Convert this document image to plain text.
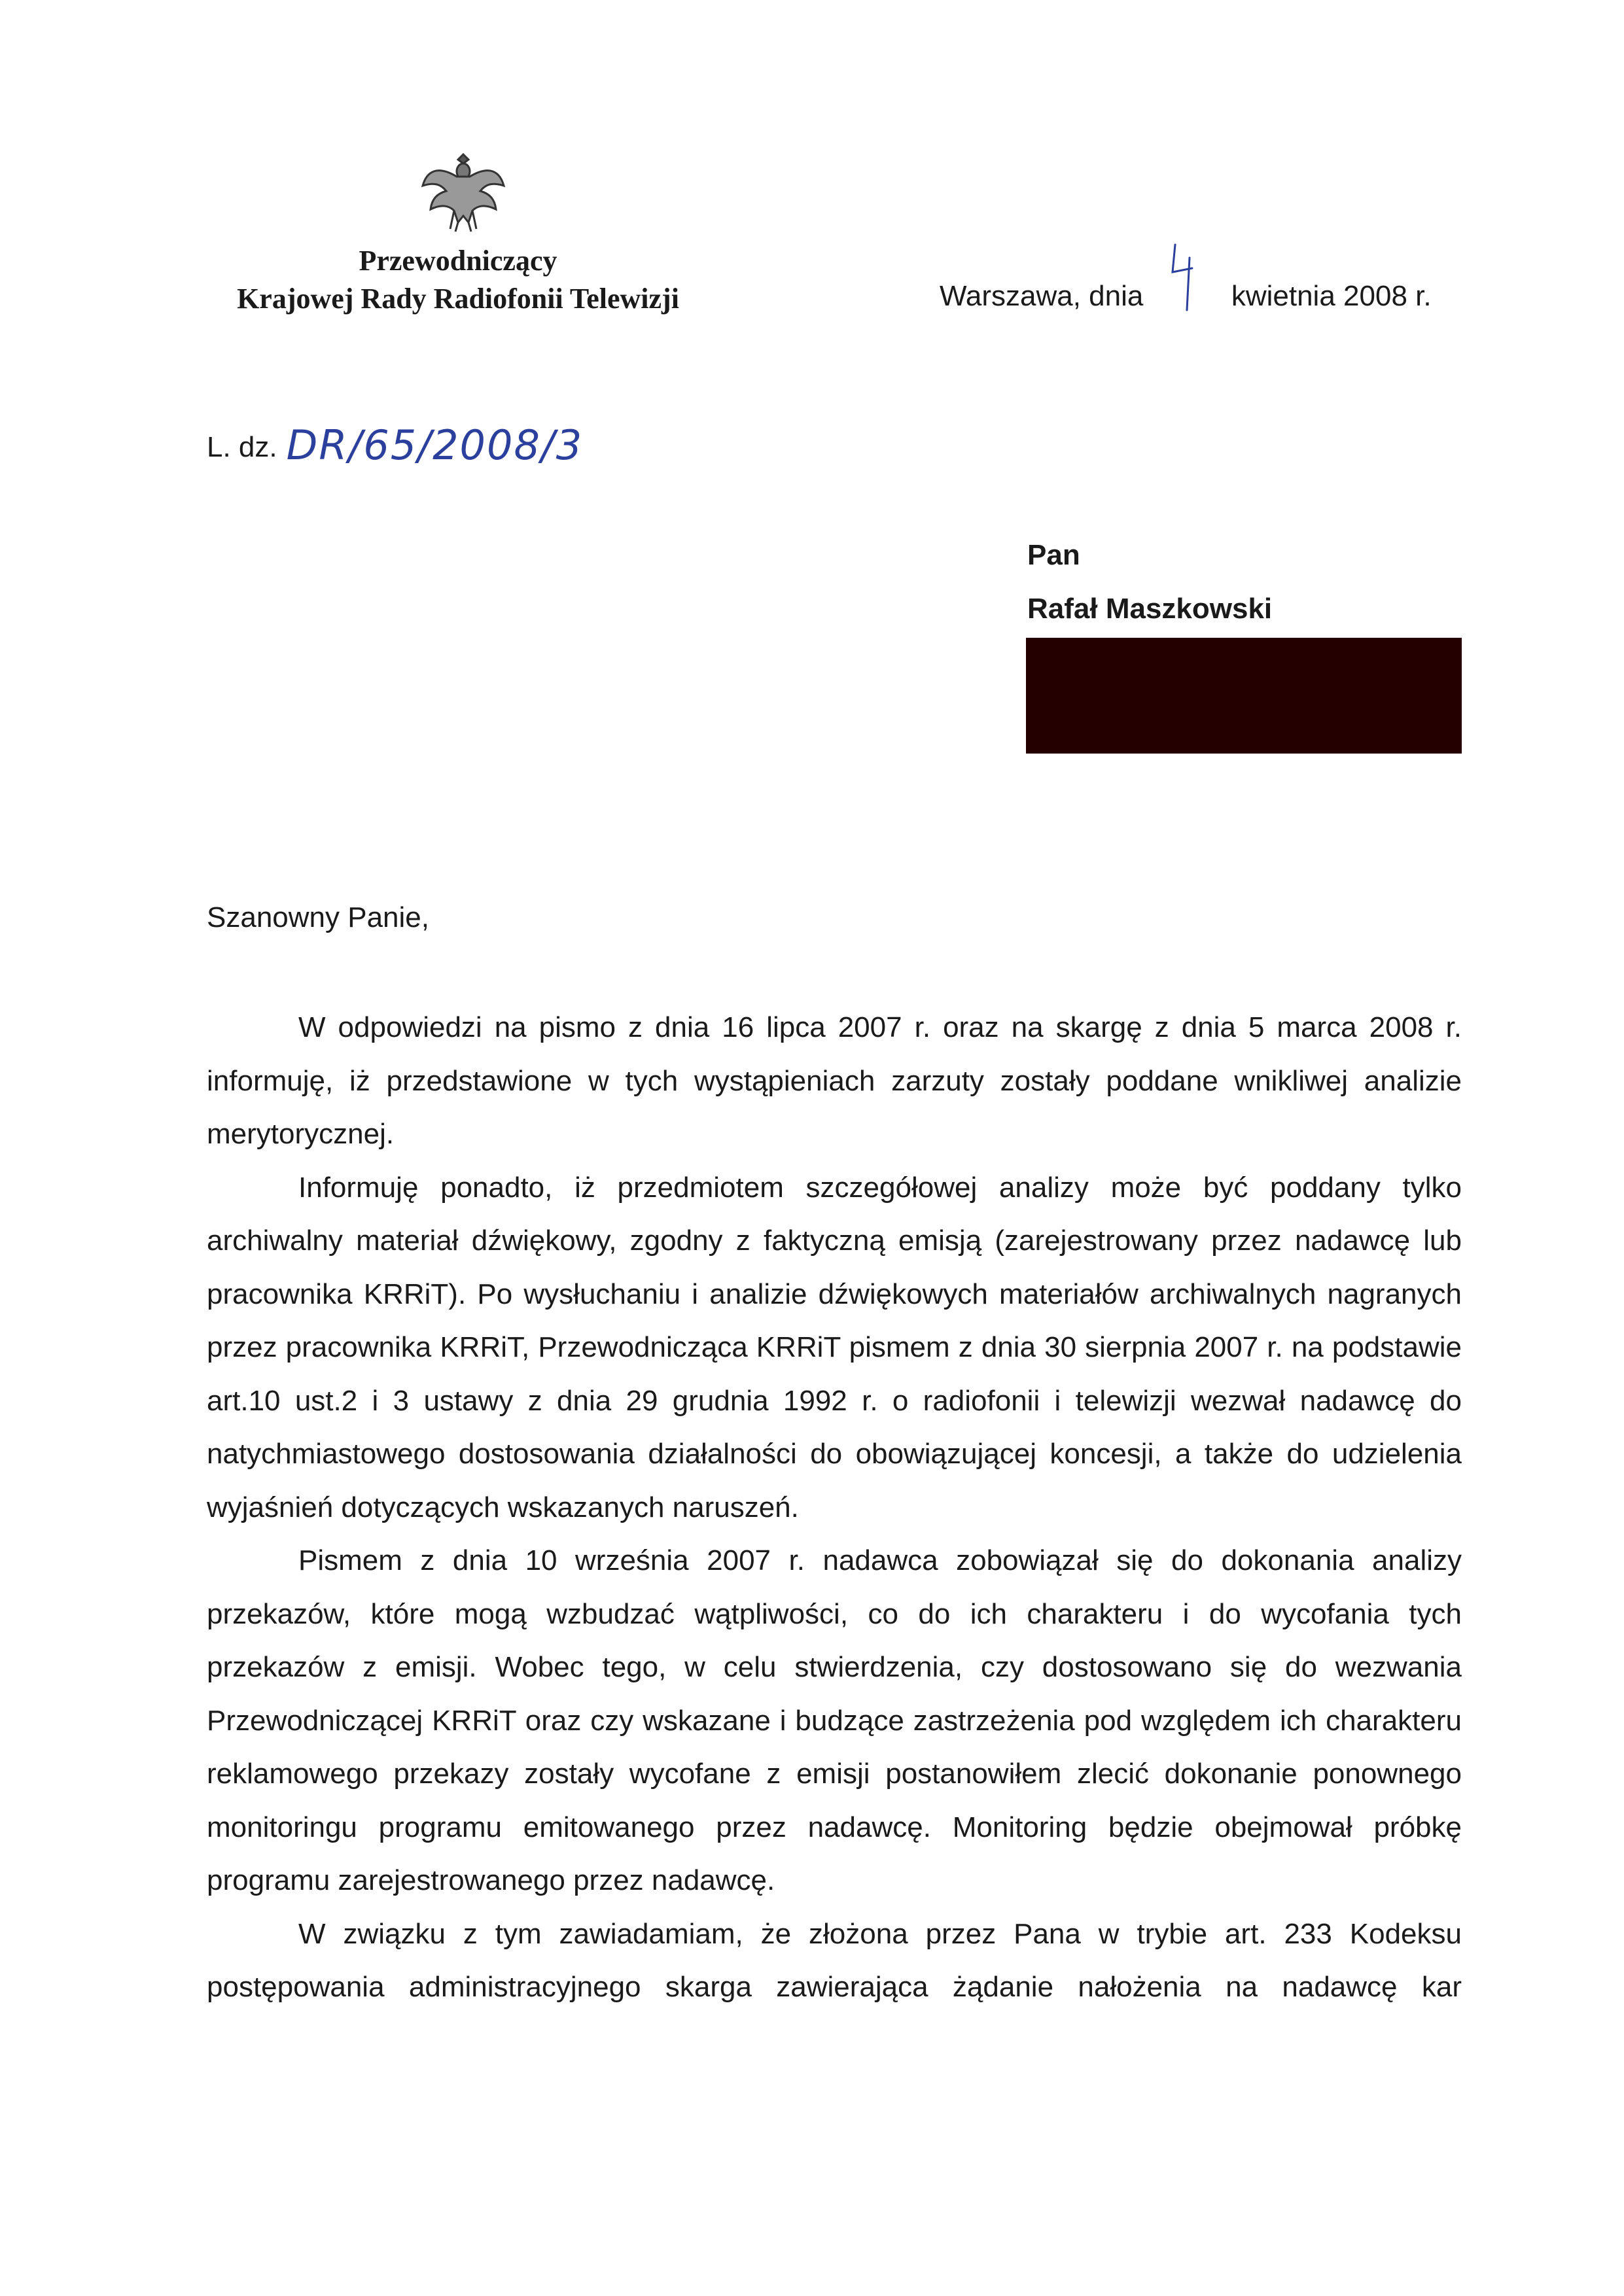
Przewodniczący
Krajowej Rady Radiofonii Telewizji	Warszawa, dnia	kwietnia 2008 r.
L. dz. DR/65/2008/3
Pan
Rafał Maszkowski
Szanowny Panie,

W odpowiedzi na pismo z dnia 16 lipca 2007 r. oraz na skargę z dnia 5 marca 2008 r. informuję, iż przedstawione w tych wystąpieniach zarzuty zostały poddane wnikliwej analizie merytorycznej.

Informuję ponadto, iż przedmiotem szczegółowej analizy może być poddany tylko archiwalny materiał dźwiękowy, zgodny z faktyczną emisją (zarejestrowany przez nadawcę lub pracownika KRRiT). Po wysłuchaniu i analizie dźwiękowych materiałów archiwalnych nagranych przez pracownika KRRiT, Przewodnicząca KRRiT pismem z dnia 30 sierpnia 2007 r. na podstawie art.10 ust.2 i 3 ustawy z dnia 29 grudnia 1992 r. o radiofonii i telewizji wezwał nadawcę do natychmiastowego dostosowania działalności do obowiązującej koncesji, a także do udzielenia wyjaśnień dotyczących wskazanych naruszeń.

Pismem z dnia 10 września 2007 r. nadawca zobowiązał się do dokonania analizy przekazów, które mogą wzbudzać wątpliwości, co do ich charakteru i do wycofania tych przekazów z emisji. Wobec tego, w celu stwierdzenia, czy dostosowano się do wezwania Przewodniczącej KRRiT oraz czy wskazane i budzące zastrzeżenia pod względem ich charakteru reklamowego przekazy zostały wycofane z emisji postanowiłem zlecić dokonanie ponownego monitoringu programu emitowanego przez nadawcę. Monitoring będzie obejmował próbkę programu zarejestrowanego przez nadawcę.

W związku z tym zawiadamiam, że złożona przez Pana w trybie art. 233 Kodeksu postępowania administracyjnego skarga zawierająca żądanie nałożenia na nadawcę kar
